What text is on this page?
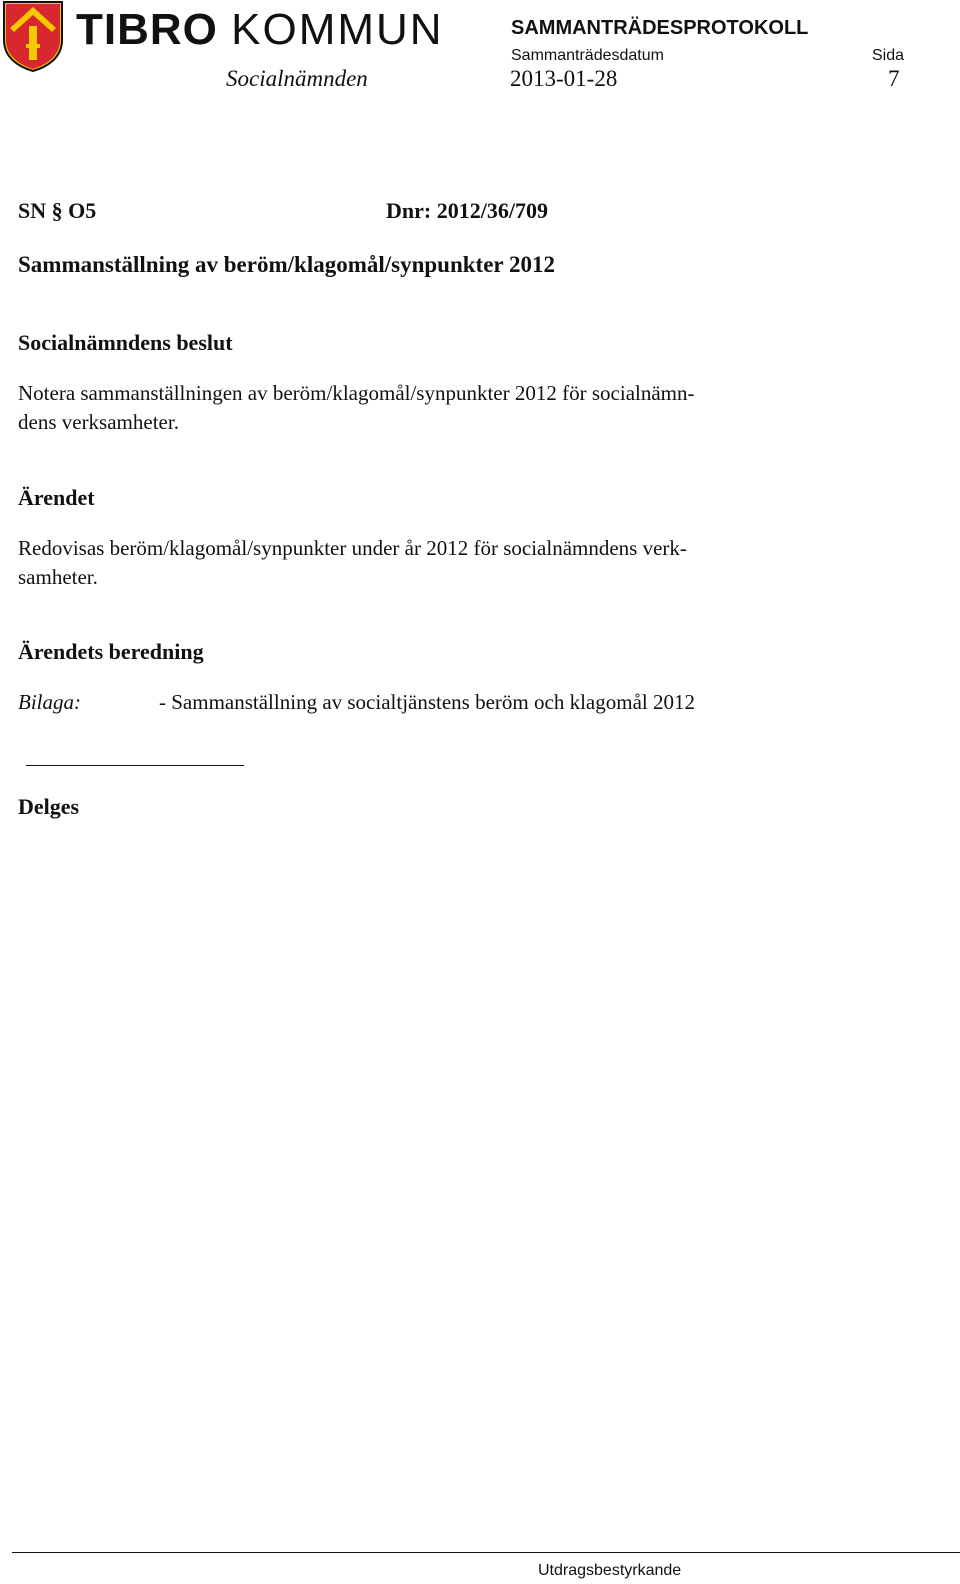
TIBRO KOMMUN	SAMMANTRÄDESPROTOKOLL
Sammanträdesdatum	Sida
Socialnämnden	2013-01-28	7
SN § O5	Dnr: 2012/36/709
Sammanställning av beröm/klagomål/synpunkter 2012
Socialnämndens beslut
Notera sammanställningen av beröm/klagomål/synpunkter 2012 för socialnämn-
dens verksamheter.
Ärendet
Redovisas beröm/klagomål/synpunkter under år 2012 för socialnämndens verk-
samheter.
Ärendets beredning
Bilaga:	- Sammanställning av socialtjänstens beröm och klagomål 2012
Delges
Utdragsbestyrkande
